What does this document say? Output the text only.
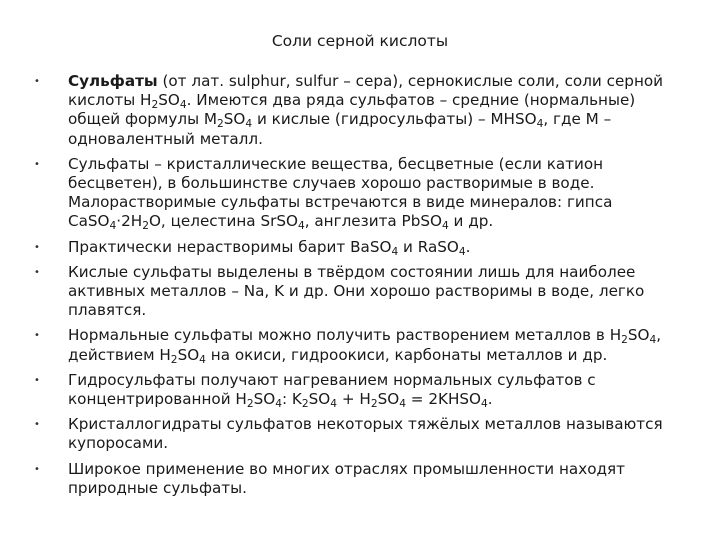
Соли серной кислоты
• Сульфаты (от лат. sulphur, sulfur – сера), сернокислые соли, соли серной кислоты $H_2SO_4$. Имеются два ряда сульфатов – средние (нормальные) общей формулы $M_2SO_4$ и кислые (гидросульфаты) – $MHSO_4$, где M – одновалентный металл.
• Сульфаты – кристаллические вещества, бесцветные (если катион бесцветен), в большинстве случаев хорошо растворимые в воде. Малорастворимые сульфаты встречаются в виде минералов: гипса $CaSO_4\cdot 2H_2O$, целестина SrSO$_4$, англезита PbSO$_4$ и др.
• Практически нерастворимы барит BaSO$_4$ и RaSO$_4$.
• Кислые сульфаты выделены в твёрдом состоянии лишь для наиболее активных металлов – Na, K и др. Они хорошо растворимы в воде, легко плавятся.
• Нормальные сульфаты можно получить растворением металлов в $H_2SO_4$, действием $H_2SO_4$ на окиси, гидроокиси, карбонаты металлов и др.
• Гидросульфаты получают нагреванием нормальных сульфатов с концентрированной $H_2SO_4$: $K_2SO_4 + H_2SO_4$ = $2KHSO_4$.
• Кристаллогидраты сульфатов некоторых тяжёлых металлов называются купоросами.
• Широкое применение во многих отраслях промышленности находят природные сульфаты.
